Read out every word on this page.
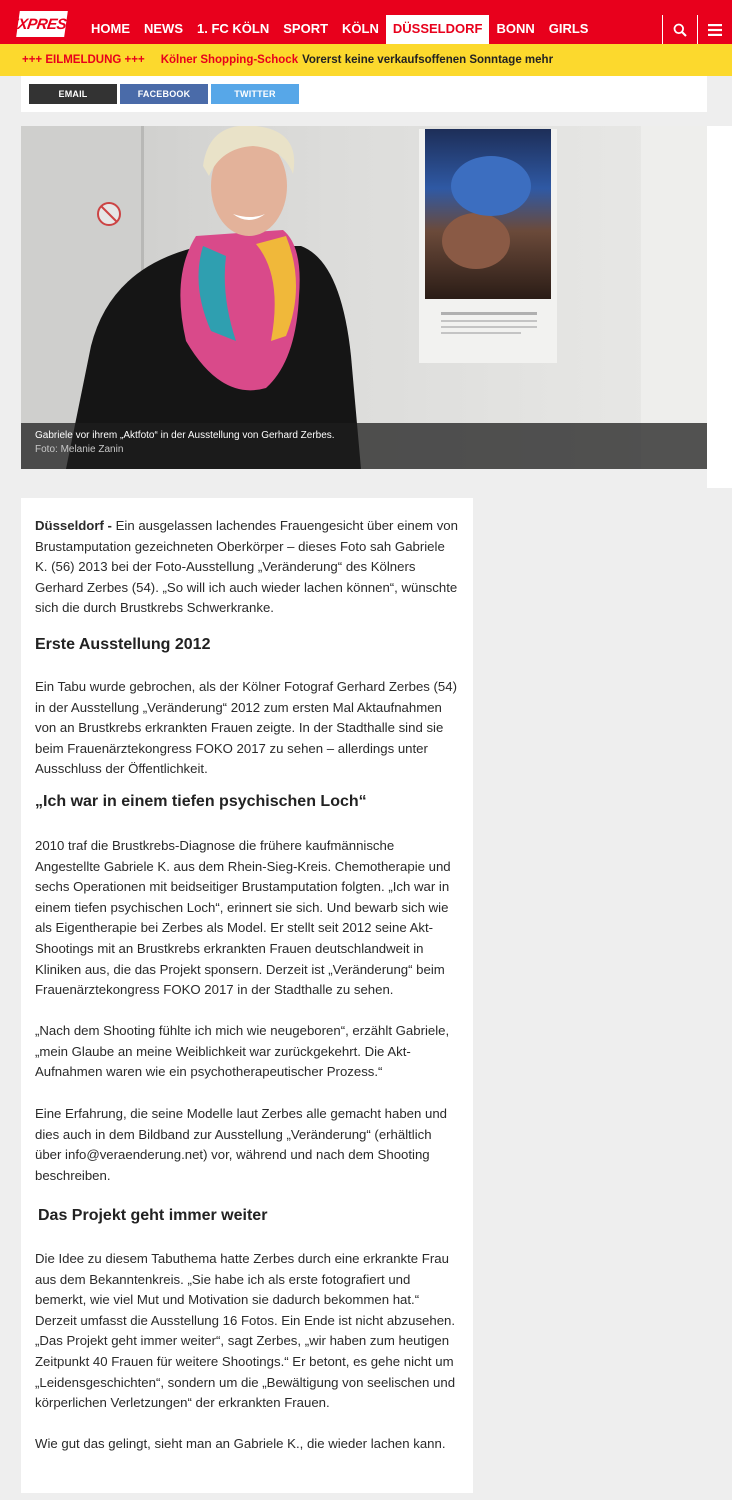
EXPRESS	HOME	NEWS	1. FC KÖLN	SPORT	KÖLN	DÜSSELDORF	BONN	GIRLS
+++ EILMELDUNG +++ Kölner Shopping-Schock Vorerst keine verkaufsoffenen Sonntage mehr
EMAIL	FACEBOOK	TWITTER
Gabriele vor ihrem „Aktfoto“ in der Ausstellung von Gerhard Zerbes.
Foto: Melanie Zanin

Düsseldorf - Ein ausgelassen lachendes Frauengesicht über einem von Brustamputation gezeichneten Oberkörper – dieses Foto sah Gabriele K. (56) 2013 bei der Foto-Ausstellung „Veränderung“ des Kölners Gerhard Zerbes (54). „So will ich auch wieder lachen können“, wünschte sich die durch Brustkrebs Schwerkranke.

Erste Ausstellung 2012

Ein Tabu wurde gebrochen, als der Kölner Fotograf Gerhard Zerbes (54) in der Ausstellung „Veränderung“ 2012 zum ersten Mal Aktaufnahmen von an Brustkrebs erkrankten Frauen zeigte. In der Stadthalle sind sie beim Frauenärztekongress FOKO 2017 zu sehen – allerdings unter Ausschluss der Öffentlichkeit.

„Ich war in einem tiefen psychischen Loch“

2010 traf die Brustkrebs-Diagnose die frühere kaufmännische Angestellte Gabriele K. aus dem Rhein-Sieg-Kreis. Chemotherapie und sechs Operationen mit beidseitiger Brustamputation folgten. „Ich war in einem tiefen psychischen Loch“, erinnert sie sich. Und bewarb sich wie als Eigentherapie bei Zerbes als Model. Er stellt seit 2012 seine Akt-Shootings mit an Brustkrebs erkrankten Frauen deutschlandweit in Kliniken aus, die das Projekt sponsern. Derzeit ist „Veränderung“ beim Frauenärztekongress FOKO 2017 in der Stadthalle zu sehen.

„Nach dem Shooting fühlte ich mich wie neugeboren“, erzählt Gabriele, „mein Glaube an meine Weiblichkeit war zurückgekehrt. Die Akt-Aufnahmen waren wie ein psychotherapeutischer Prozess.“

Eine Erfahrung, die seine Modelle laut Zerbes alle gemacht haben und dies auch in dem Bildband zur Ausstellung „Veränderung“ (erhältlich über info@veraenderung.net) vor, während und nach dem Shooting beschreiben.

Das Projekt geht immer weiter

Die Idee zu diesem Tabuthema hatte Zerbes durch eine erkrankte Frau aus dem Bekanntenkreis. „Sie habe ich als erste fotografiert und bemerkt, wie viel Mut und Motivation sie dadurch bekommen hat.“ Derzeit umfasst die Ausstellung 16 Fotos. Ein Ende ist nicht abzusehen. „Das Projekt geht immer weiter“, sagt Zerbes, „wir haben zum heutigen Zeitpunkt 40 Frauen für weitere Shootings.“ Er betont, es gehe nicht um „Leidensgeschichten“, sondern um die „Bewältigung von seelischen und körperlichen Verletzungen“ der erkrankten Frauen.

Wie gut das gelingt, sieht man an Gabriele K., die wieder lachen kann.
